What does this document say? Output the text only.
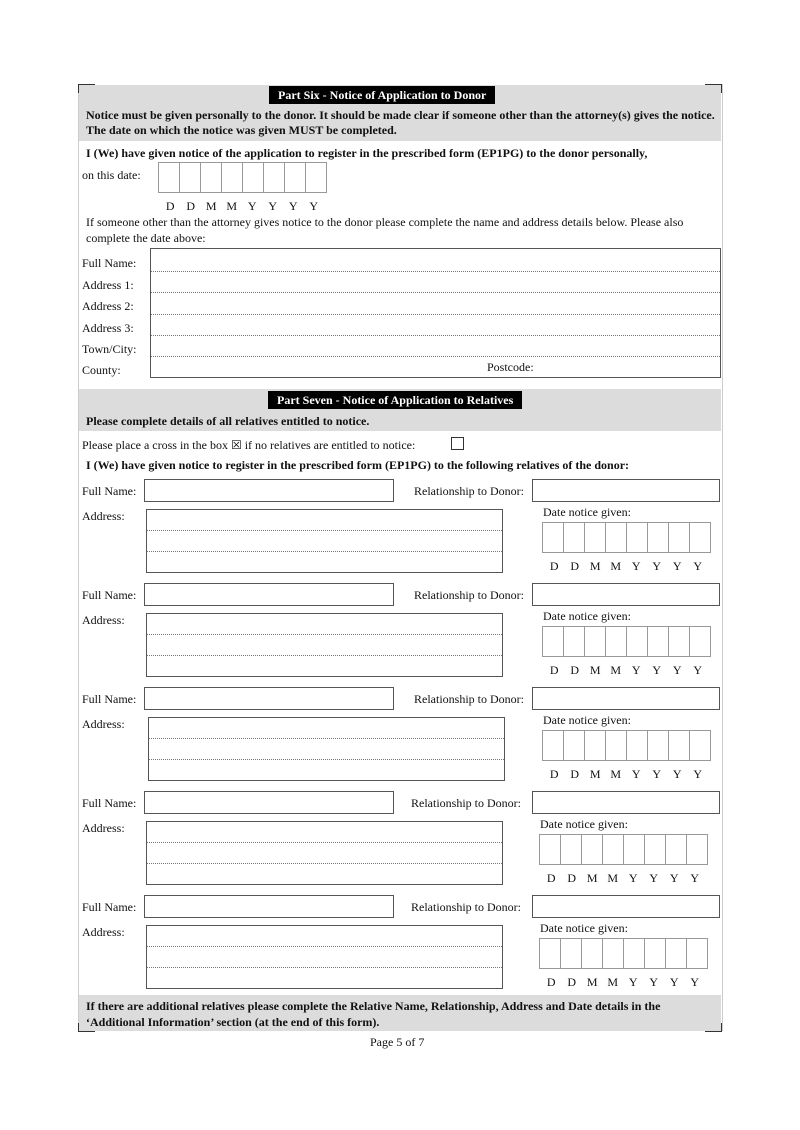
Part Six - Notice of Application to Donor
Notice must be given personally to the donor. It should be made clear if someone other than the attorney(s) gives the notice. The date on which the notice was given MUST be completed.
I (We) have given notice of the application to register in the prescribed form (EP1PG) to the donor personally,
on this date:
D D M M Y Y Y Y
If someone other than the attorney gives notice to the donor please complete the name and address details below. Please also complete the date above:
Full Name:
Address 1:
Address 2:
Address 3:
Town/City:
County:	Postcode:
Part Seven - Notice of Application to Relatives
Please complete details of all relatives entitled to notice.
Please place a cross in the box ☒ if no relatives are entitled to notice:
I (We) have given notice to register in the prescribed form (EP1PG) to the following relatives of the donor:
Full Name:	Relationship to Donor:
Address:	Date notice given:
D D M M Y Y Y Y
Full Name:	Relationship to Donor:
Address:	Date notice given:
D D M M Y Y Y Y
Full Name:	Relationship to Donor:
Address:	Date notice given:
D D M M Y Y Y Y
Full Name:	Relationship to Donor:
Address:	Date notice given:
D D M M Y Y Y Y
Full Name:	Relationship to Donor:
Address:	Date notice given:
D D M M Y Y Y Y
If there are additional relatives please complete the Relative Name, Relationship, Address and Date details in the ‘Additional Information’ section (at the end of this form).
Page 5 of 7
